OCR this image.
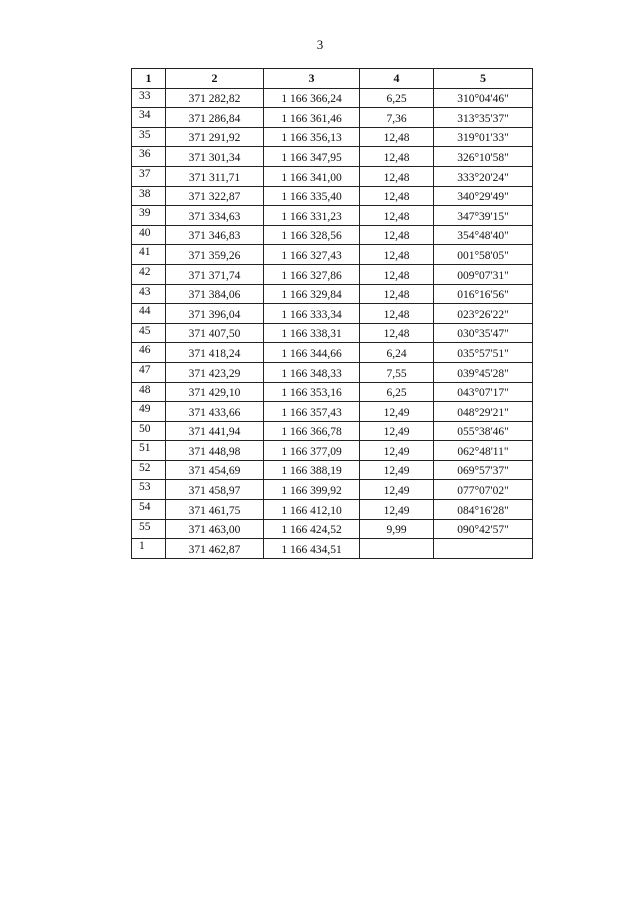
3
1	2	3	4	5
33	371 282,82	1 166 366,24	6,25	310°04'46"
34	371 286,84	1 166 361,46	7,36	313°35'37"
35	371 291,92	1 166 356,13	12,48	319°01'33"
36	371 301,34	1 166 347,95	12,48	326°10'58"
37	371 311,71	1 166 341,00	12,48	333°20'24"
38	371 322,87	1 166 335,40	12,48	340°29'49"
39	371 334,63	1 166 331,23	12,48	347°39'15"
40	371 346,83	1 166 328,56	12,48	354°48'40"
41	371 359,26	1 166 327,43	12,48	001°58'05"
42	371 371,74	1 166 327,86	12,48	009°07'31"
43	371 384,06	1 166 329,84	12,48	016°16'56"
44	371 396,04	1 166 333,34	12,48	023°26'22"
45	371 407,50	1 166 338,31	12,48	030°35'47"
46	371 418,24	1 166 344,66	6,24	035°57'51"
47	371 423,29	1 166 348,33	7,55	039°45'28"
48	371 429,10	1 166 353,16	6,25	043°07'17"
49	371 433,66	1 166 357,43	12,49	048°29'21"
50	371 441,94	1 166 366,78	12,49	055°38'46"
51	371 448,98	1 166 377,09	12,49	062°48'11"
52	371 454,69	1 166 388,19	12,49	069°57'37"
53	371 458,97	1 166 399,92	12,49	077°07'02"
54	371 461,75	1 166 412,10	12,49	084°16'28"
55	371 463,00	1 166 424,52	9,99	090°42'57"
1	371 462,87	1 166 434,51		
